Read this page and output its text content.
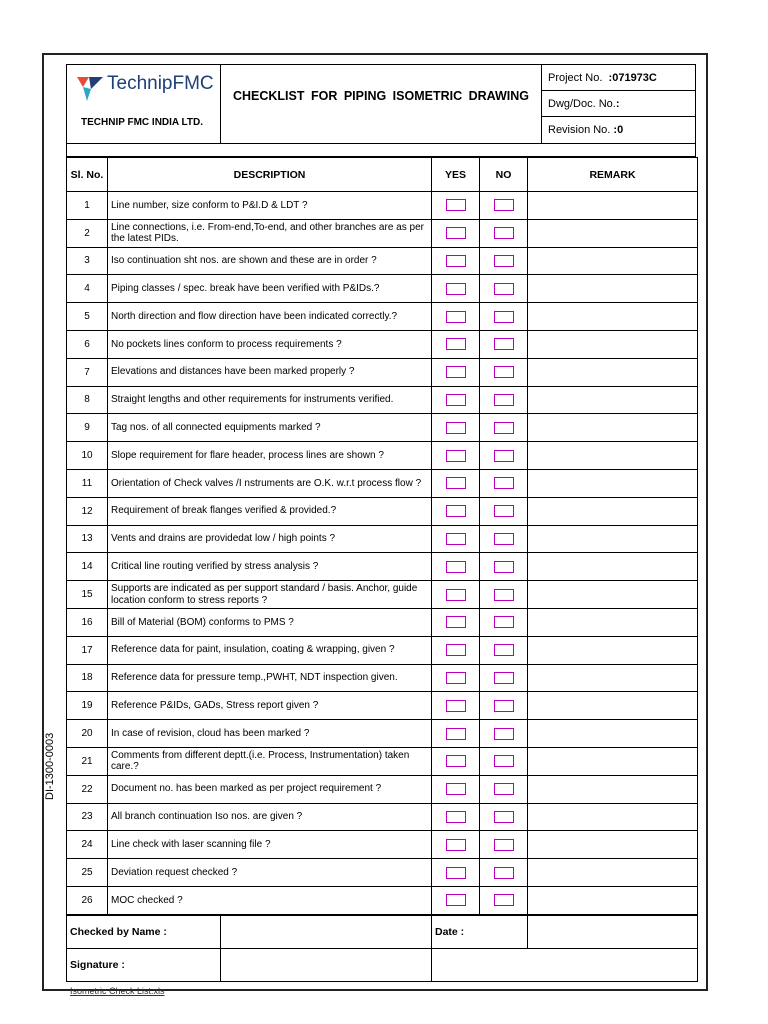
TechnipFMC
TECHNIP FMC INDIA LTD.
CHECKLIST FOR PIPING ISOMETRIC DRAWING
Project No. :071973C
Dwg/Doc. No.:
Revision No. :0
Sl. No.	DESCRIPTION	YES	NO	REMARK
1	Line number, size conform to P&I.D & LDT ?			
2	Line connections, i.e. From-end,To-end, and other branches are as per the latest PIDs.			
3	Iso continuation sht nos. are shown and these are in order ?			
4	Piping classes / spec. break have been verified with P&IDs.?			
5	North direction and flow direction have been indicated correctly.?			
6	No pockets lines conform to process requirements ?			
7	Elevations and distances have been marked properly ?			
8	Straight lengths and other requirements for instruments verified.			
9	Tag nos. of all connected equipments marked ?			
10	Slope requirement for flare header, process lines are shown ?			
11	Orientation of Check valves /I nstruments are O.K. w.r.t process flow ?			
12	Requirement of break flanges verified & provided.?			
13	Vents and drains are providedat low / high points ?			
14	Critical line routing verified by stress analysis ?			
15	Supports are indicated as per support standard / basis. Anchor, guide location conform to stress reports ?			
16	Bill of Material (BOM) conforms to PMS ?			
17	Reference data for paint, insulation, coating & wrapping, given ?			
18	Reference data for pressure temp.,PWHT, NDT inspection given.			
19	Reference P&IDs, GADs, Stress report given ?			
20	In case of revision, cloud has been marked ?			
21	Comments from different deptt.(i.e. Process, Instrumentation) taken care.?			
22	Document no. has been marked as per project requirement ?			
23	All branch continuation Iso nos. are given ?			
24	Line check with laser scanning file ?			
25	Deviation request checked ?			
26	MOC checked ?			
Checked by Name :		Date :	
Signature :			
DI-1300-0003
Isometric Check List.xls
